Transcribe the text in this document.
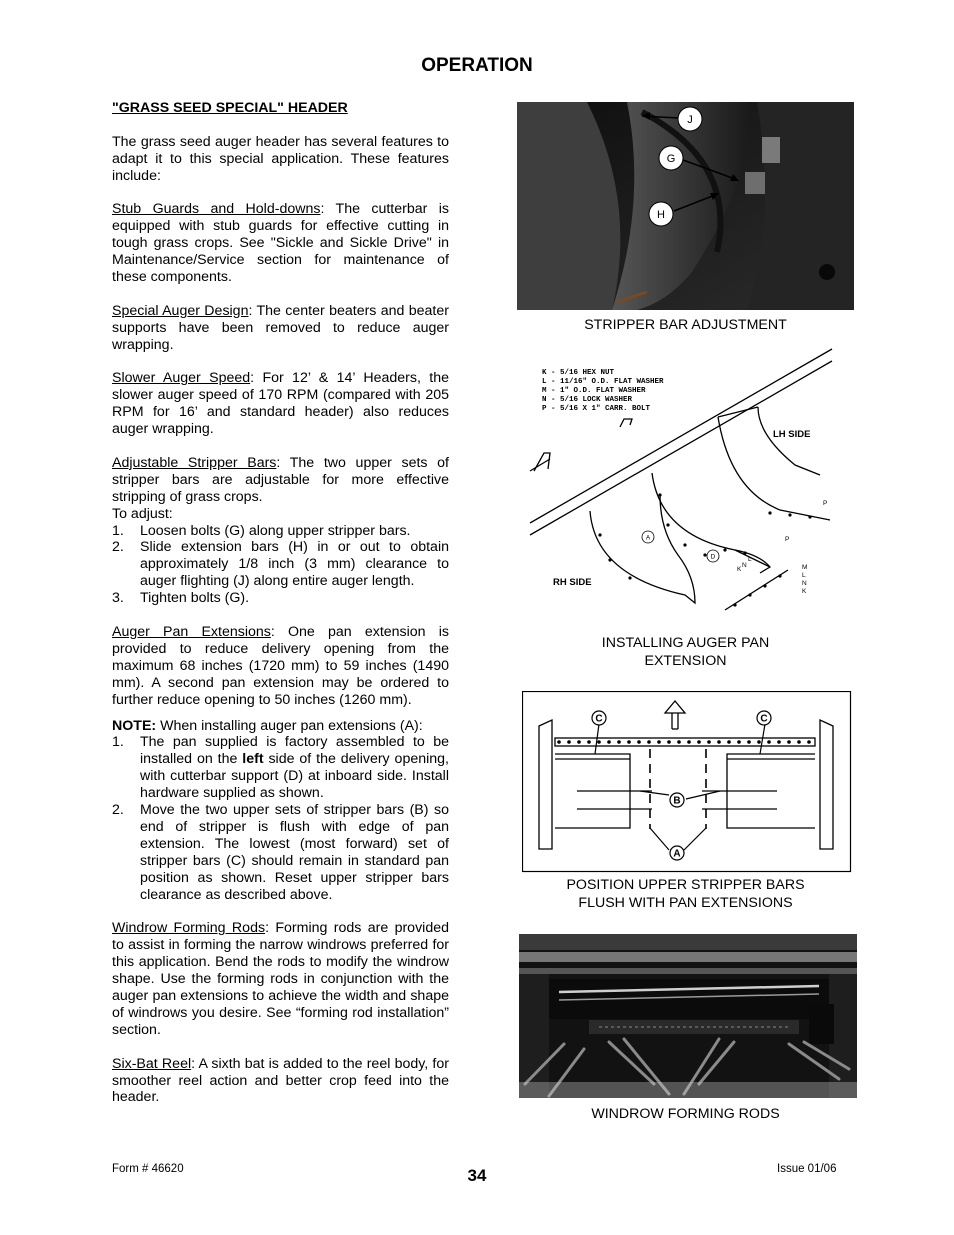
OPERATION
"GRASS SEED SPECIAL" HEADER

The grass seed auger header has several features to adapt it to this special application. These features include:

Stub Guards and Hold-downs: The cutterbar is equipped with stub guards for effective cutting in tough grass crops. See "Sickle and Sickle Drive" in Maintenance/Service section for maintenance of these components.

Special Auger Design: The center beaters and beater supports have been removed to reduce auger wrapping.

Slower Auger Speed: For 12’ & 14’ Headers, the slower auger speed of 170 RPM (compared with 205 RPM for 16’ and standard header) also reduces auger wrapping.

Adjustable Stripper Bars: The two upper sets of stripper bars are adjustable for more effective stripping of grass crops.

To adjust:

1. Loosen bolts (G) along upper stripper bars.
2. Slide extension bars (H) in or out to obtain approximately 1/8 inch (3 mm) clearance to auger flighting (J) along entire auger length.
3. Tighten bolts (G).

Auger Pan Extensions: One pan extension is provided to reduce delivery opening from the maximum 68 inches (1720 mm) to 59 inches (1490 mm). A second pan extension may be ordered to further reduce opening to 50 inches (1260 mm).

NOTE: When installing auger pan extensions (A):

1. The pan supplied is factory assembled to be installed on the left side of the delivery opening, with cutterbar support (D) at inboard side. Install hardware supplied as shown.
2. Move the two upper sets of stripper bars (B) so end of stripper is flush with edge of pan extension. The lowest (most forward) set of stripper bars (C) should remain in standard pan position as shown. Reset upper stripper bars clearance as described above.

Windrow Forming Rods: Forming rods are provided to assist in forming the narrow windrows preferred for this application. Bend the rods to modify the windrow shape. Use the forming rods in conjunction with the auger pan extensions to achieve the width and shape of windrows you desire. See “forming rod installation” section.

Six-Bat Reel: A sixth bat is added to the reel body, for smoother reel action and better crop feed into the header.

J
G
H
STRIPPER BAR ADJUSTMENT
K - 5/16 HEX NUT
L - 11/16" O.D. FLAT WASHER
M - 1" O.D. FLAT WASHER
N - 5/16 LOCK WASHER
P - 5/16 X 1" CARR. BOLT
LH SIDE
RH SIDE
A
D
P
P
K
N
L
M
L
N
K
INSTALLING AUGER PAN
EXTENSION
C	C
B
A
POSITION UPPER STRIPPER BARS
FLUSH WITH PAN EXTENSIONS
WINDROW FORMING RODS
Form # 46620	34	Issue 01/06
